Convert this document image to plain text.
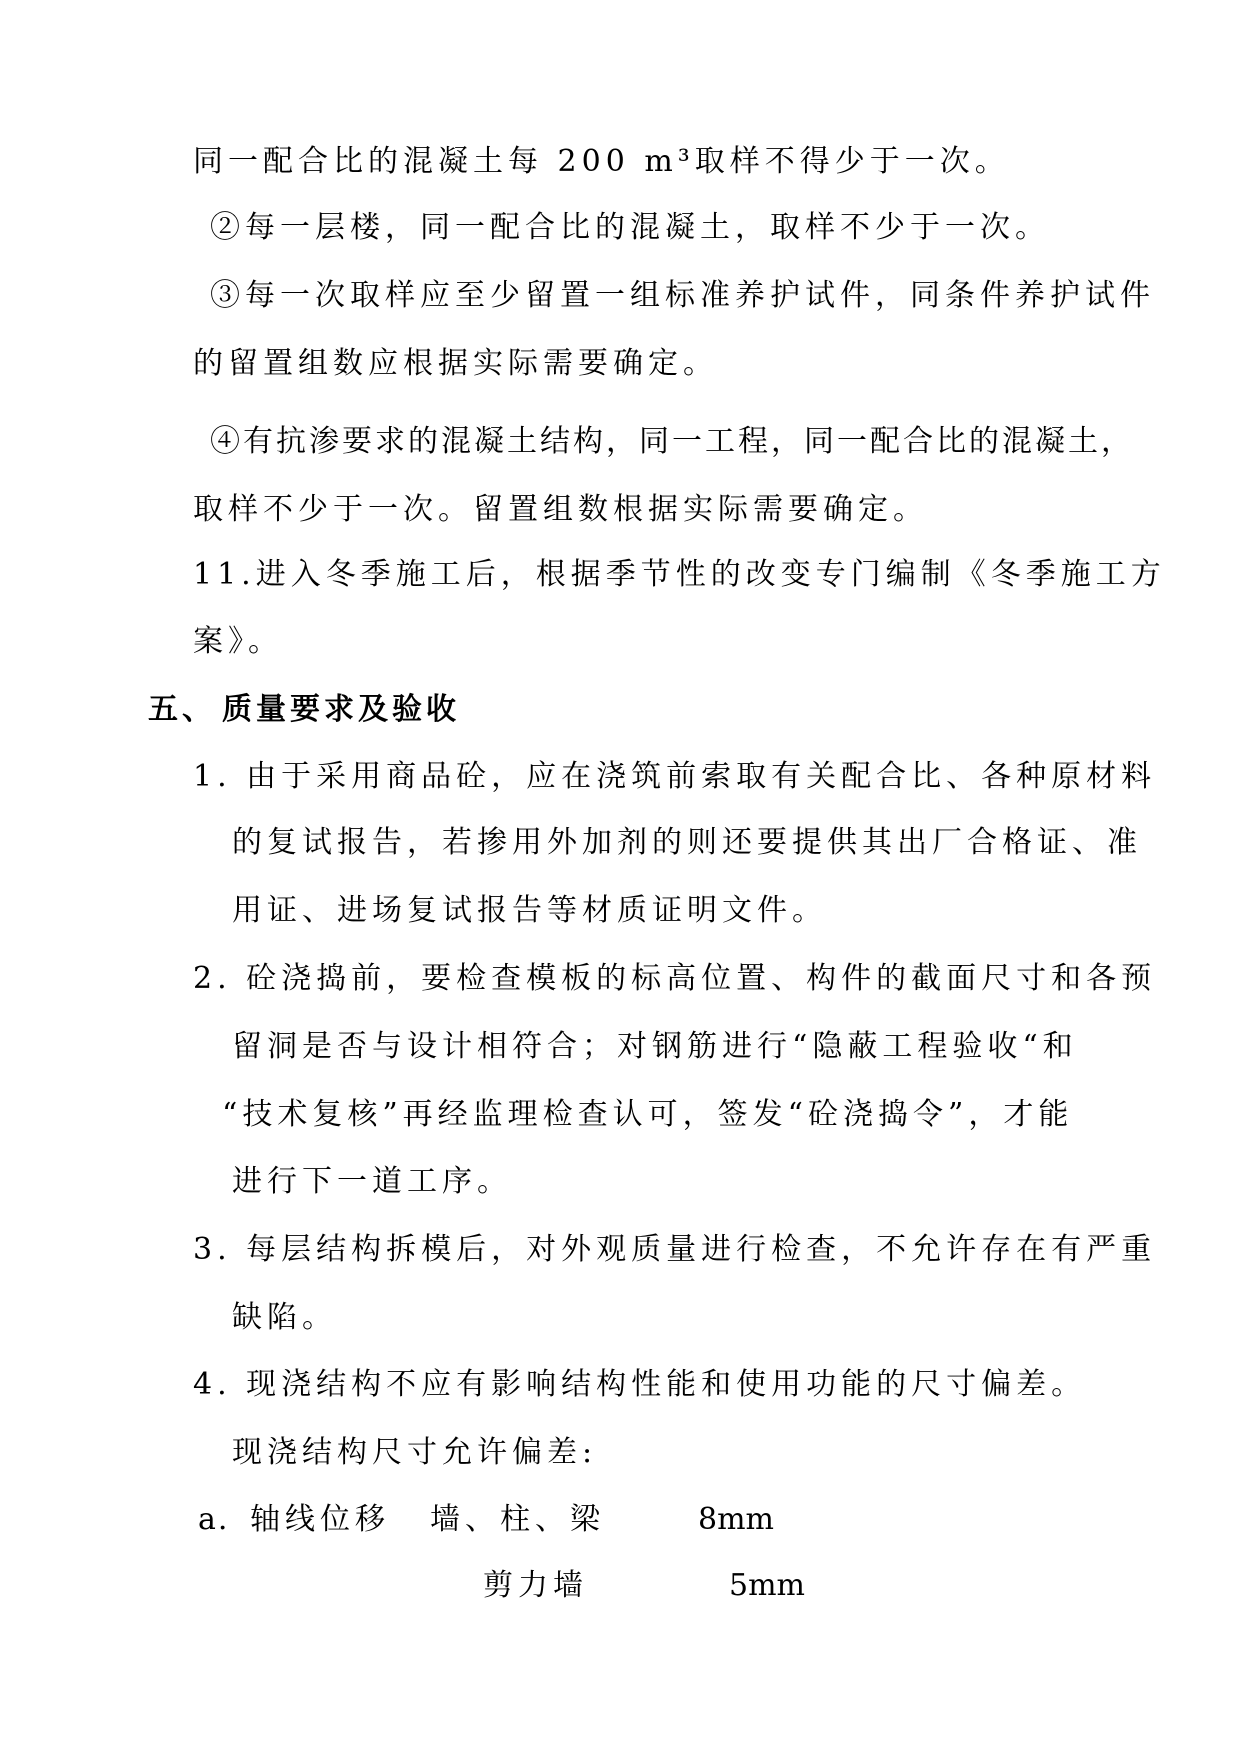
同一配合比的混凝土每 200 m³取样不得少于一次。
②每一层楼，同一配合比的混凝土，取样不少于一次。
③每一次取样应至少留置一组标准养护试件，同条件养护试件
的留置组数应根据实际需要确定。
④有抗渗要求的混凝土结构，同一工程，同一配合比的混凝土，
取样不少于一次。留置组数根据实际需要确定。
11.进入冬季施工后，根据季节性的改变专门编制《冬季施工方
案》。
五、 质量要求及验收
1. 由于采用商品砼，应在浇筑前索取有关配合比、各种原材料
的复试报告，若掺用外加剂的则还要提供其出厂合格证、准
用证、进场复试报告等材质证明文件。
2. 砼浇捣前，要检查模板的标高位置、构件的截面尺寸和各预
留洞是否与设计相符合；对钢筋进行“隐蔽工程验收“和
“技术复核”再经监理检查认可，签发“砼浇捣令”，才能
进行下一道工序。
3. 每层结构拆模后，对外观质量进行检查，不允许存在有严重
缺陷。
4. 现浇结构不应有影响结构性能和使用功能的尺寸偏差。
现浇结构尺寸允许偏差:
a. 轴线位移 墙、柱、梁	8mm
剪力墙	5mm
